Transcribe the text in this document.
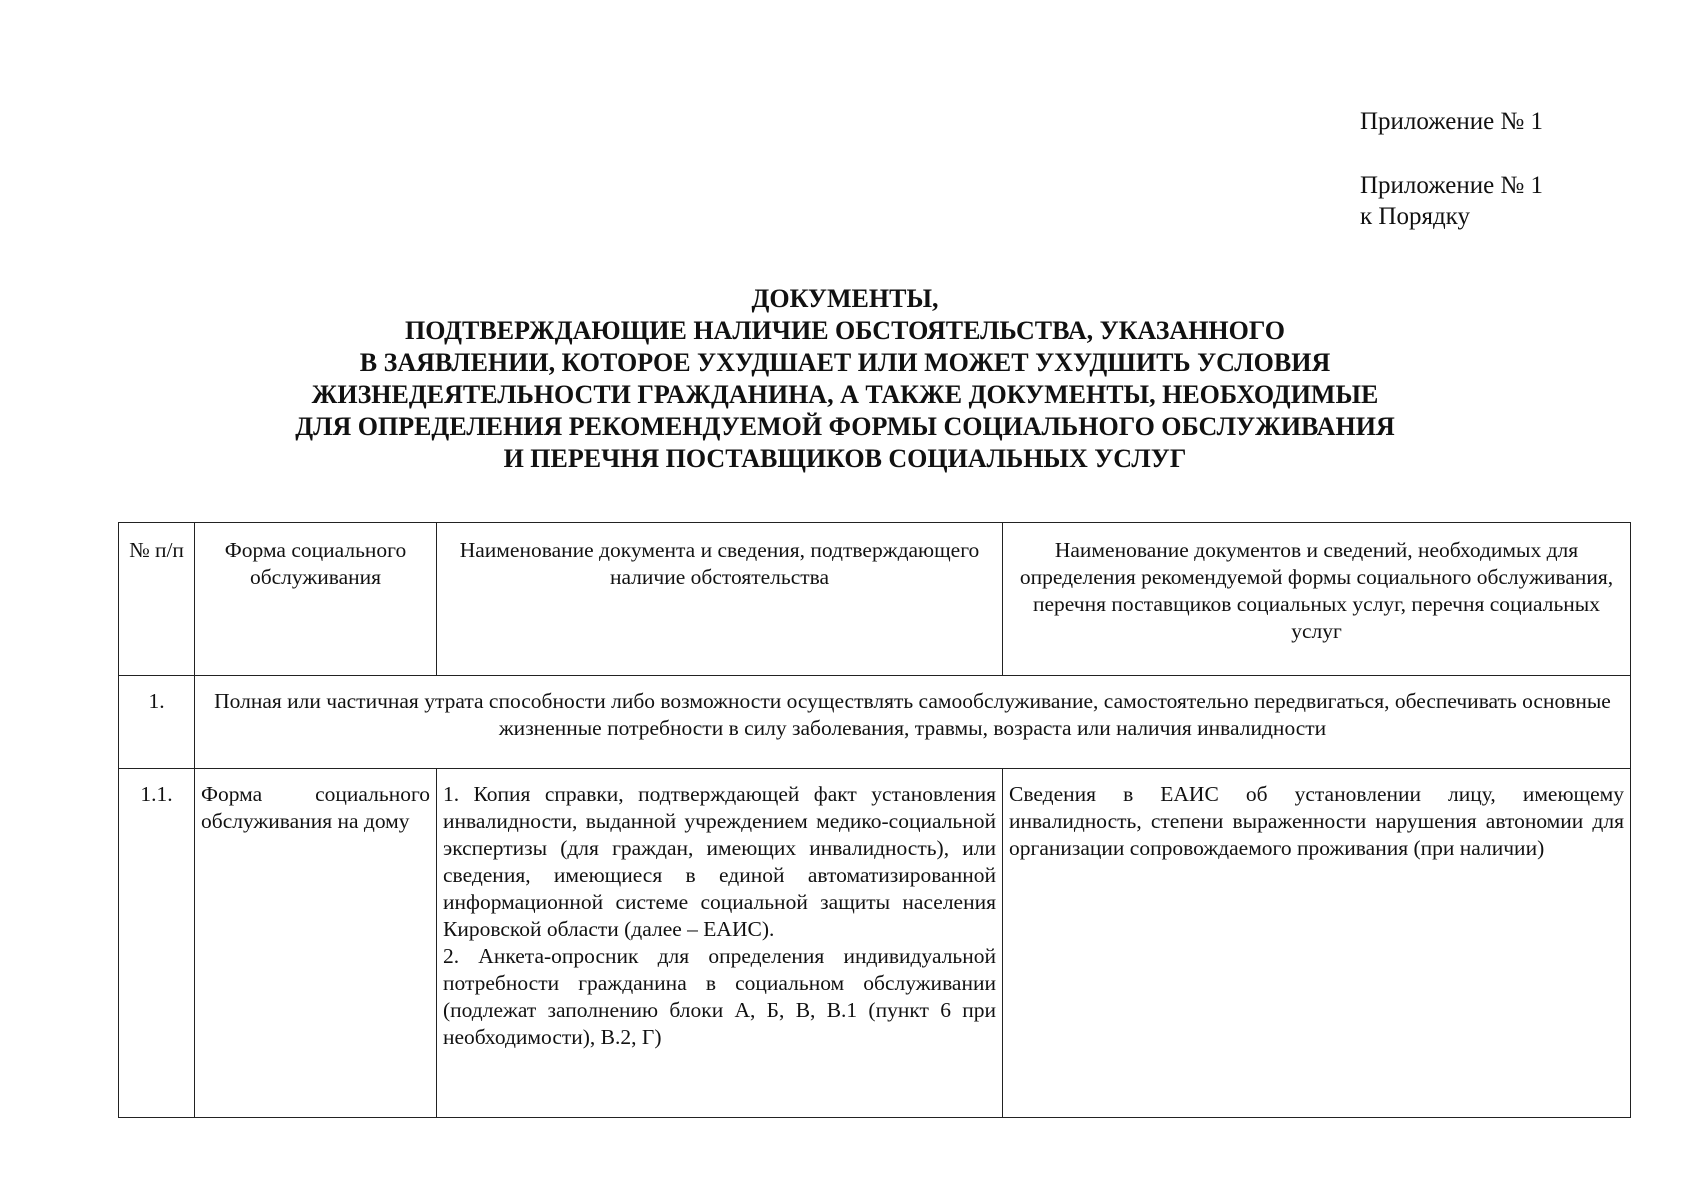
Приложение № 1
Приложение № 1
к Порядку
ДОКУМЕНТЫ,
ПОДТВЕРЖДАЮЩИЕ НАЛИЧИЕ ОБСТОЯТЕЛЬСТВА, УКАЗАННОГО
В ЗАЯВЛЕНИИ, КОТОРОЕ УХУДШАЕТ ИЛИ МОЖЕТ УХУДШИТЬ УСЛОВИЯ
ЖИЗНЕДЕЯТЕЛЬНОСТИ ГРАЖДАНИНА, А ТАКЖЕ ДОКУМЕНТЫ, НЕОБХОДИМЫЕ
ДЛЯ ОПРЕДЕЛЕНИЯ РЕКОМЕНДУЕМОЙ ФОРМЫ СОЦИАЛЬНОГО ОБСЛУЖИВАНИЯ
И ПЕРЕЧНЯ ПОСТАВЩИКОВ СОЦИАЛЬНЫХ УСЛУГ
№ п/п	Форма социального обслуживания	Наименование документа и сведения, подтверждающего наличие обстоятельства	Наименование документов и сведений, необходимых для определения рекомендуемой формы социального обслуживания, перечня поставщиков социальных услуг, перечня социальных услуг
1.	Полная или частичная утрата способности либо возможности осуществлять самообслуживание, самостоятельно передвигаться, обеспечивать основные жизненные потребности в силу заболевания, травмы, возраста или наличия инвалидности		
1.1.	Форма социального обслуживания на дому	1. Копия справки, подтверждающей факт установления инвалидности, выданной учреждением медико-социальной экспертизы (для граждан, имеющих инвалидность), или сведения, имеющиеся в единой автоматизированной информационной системе социальной защиты населения Кировской области (далее – ЕАИС).
2. Анкета-опросник для определения индивидуальной потребности гражданина в социальном обслуживании (подлежат заполнению блоки А, Б, В, В.1 (пункт 6 при необходимости), В.2, Г)	Сведения в ЕАИС об установлении лицу, имеющему инвалидность, степени выраженности нарушения автономии для организации сопровождаемого проживания (при наличии)
